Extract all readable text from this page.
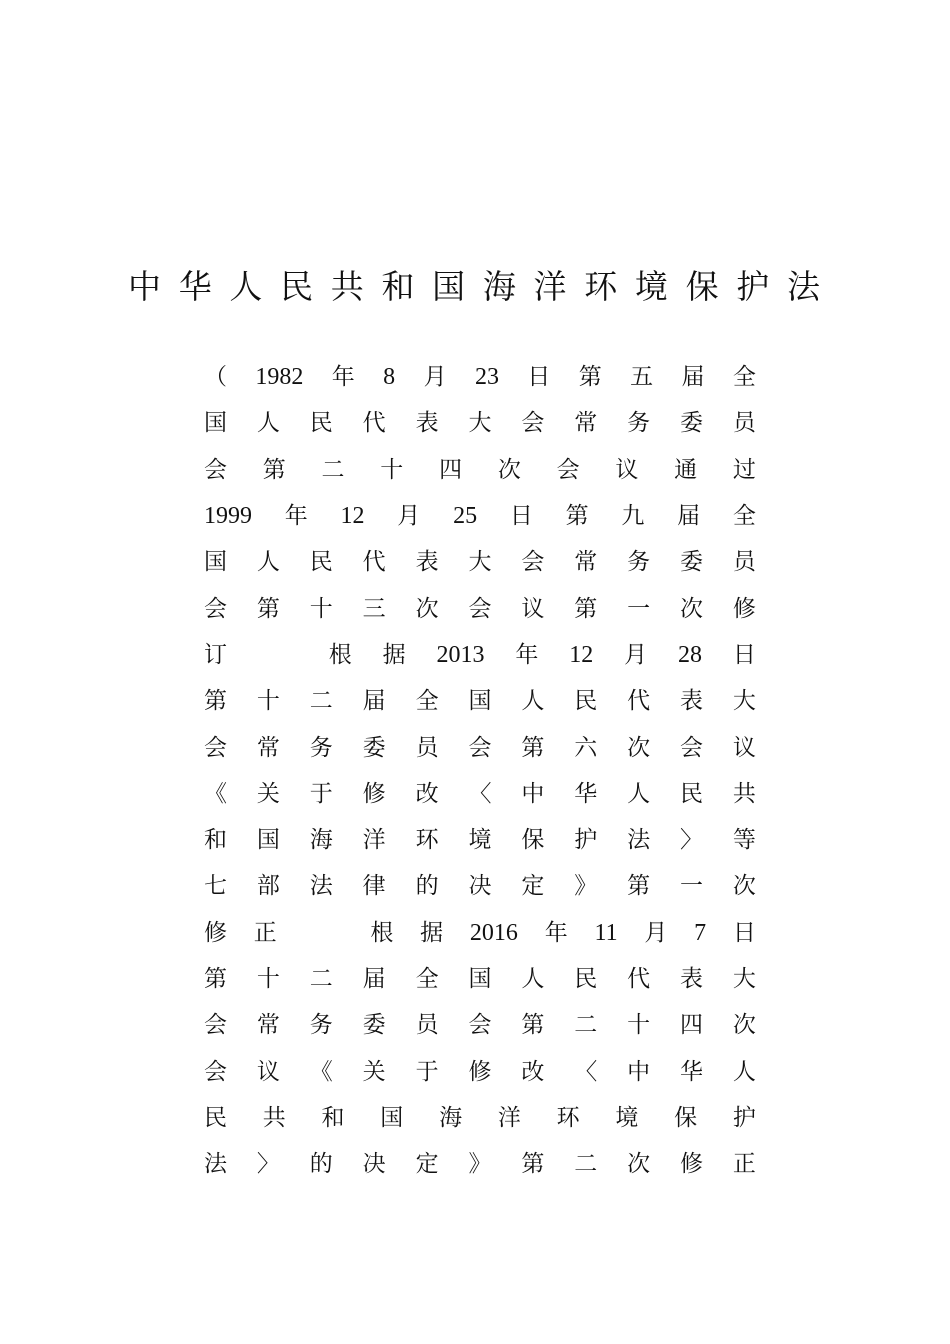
中 华 人 民 共 和 国 海 洋 环 境 保 护 法
（ 1982 年 8 月 23 日 第 五 届 全
国 人 民 代 表 大 会 常 务 委 员
会 第 二 十 四 次 会 议 通 过
1999 年 12 月 25 日 第 九 届 全
国 人 民 代 表 大 会 常 务 委 员
会 第 十 三 次 会 议 第 一 次 修
订	根 据 2013 年 12 月 28 日
第 十 二 届 全 国 人 民 代 表 大
会 常 务 委 员 会 第 六 次 会 议
《 关 于 修 改 〈 中 华 人 民 共
和 国 海 洋 环 境 保 护 法 〉 等
七 部 法 律 的 决 定 》 第 一 次
修 正	根 据 2016 年 11 月 7 日
第 十 二 届 全 国 人 民 代 表 大
会 常 务 委 员 会 第 二 十 四 次
会 议 《 关 于 修 改 〈 中 华 人
民 共 和 国 海 洋 环 境 保 护
法 〉 的 决 定 》 第 二 次 修 正
